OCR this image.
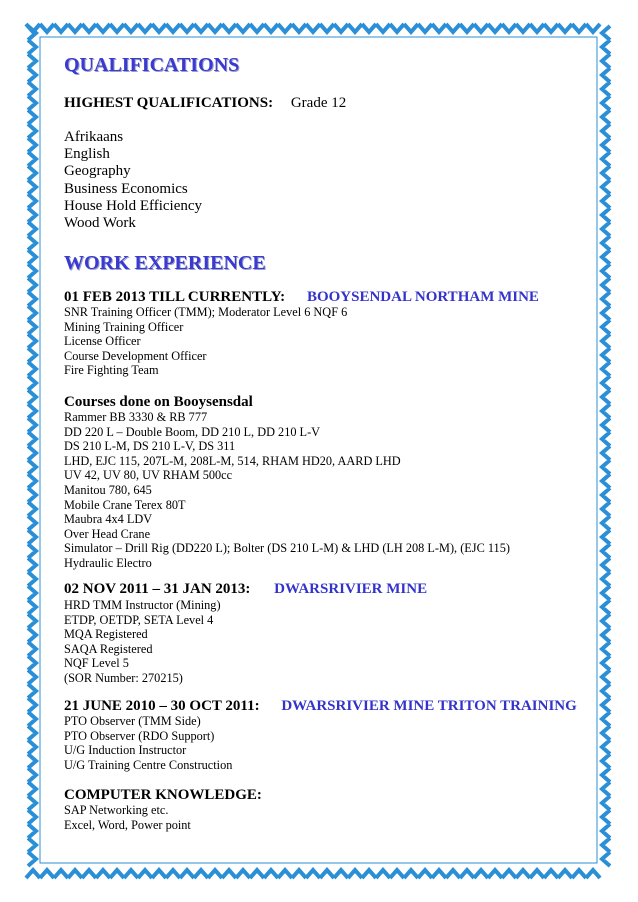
QUALIFICATIONS
HIGHEST QUALIFICATIONS: Grade 12
Afrikaans
English
Geography
Business Economics
House Hold Efficiency
Wood Work
WORK EXPERIENCE
01 FEB 2013 TILL CURRENTLY: BOOYSENDAL NORTHAM MINE
SNR Training Officer (TMM); Moderator Level 6 NQF 6
Mining Training Officer
License Officer
Course Development Officer
Fire Fighting Team
Courses done on Booysensdal
Rammer BB 3330 & RB 777
DD 220 L – Double Boom, DD 210 L, DD 210 L-V
DS 210 L-M, DS 210 L-V, DS 311
LHD, EJC 115, 207L-M, 208L-M, 514, RHAM HD20, AARD LHD
UV 42, UV 80, UV RHAM 500cc
Manitou 780, 645
Mobile Crane Terex 80T
Maubra 4x4 LDV
Over Head Crane
Simulator – Drill Rig (DD220 L); Bolter (DS 210 L-M) & LHD (LH 208 L-M), (EJC 115)
Hydraulic Electro
02 NOV 2011 – 31 JAN 2013: DWARSRIVIER MINE
HRD TMM Instructor (Mining)
ETDP, OETDP, SETA Level 4
MQA Registered
SAQA Registered
NQF Level 5
(SOR Number: 270215)
21 JUNE 2010 – 30 OCT 2011: DWARSRIVIER MINE TRITON TRAINING
PTO Observer (TMM Side)
PTO Observer (RDO Support)
U/G Induction Instructor
U/G Training Centre Construction
COMPUTER KNOWLEDGE:
SAP Networking etc.
Excel, Word, Power point
